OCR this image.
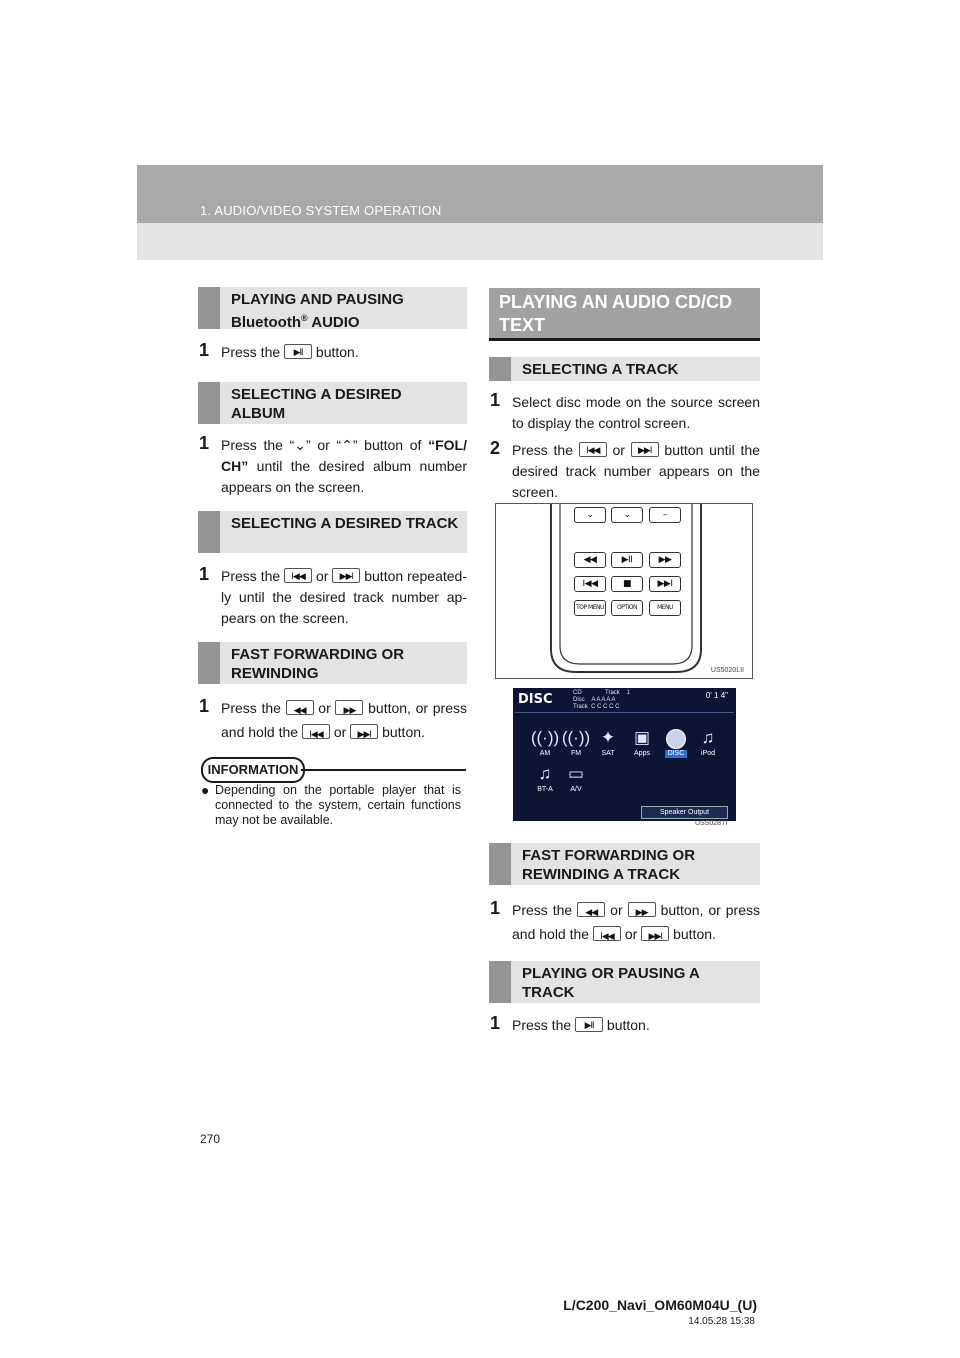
1. AUDIO/VIDEO SYSTEM OPERATION
PLAYING AND PAUSING
Bluetooth® AUDIO
1 Press the	▶II button.
SELECTING A DESIRED ALBUM
1 Press the “⌄” or “⌃” button of “FOL/ CH” until the desired album number appears on the screen.
SELECTING A DESIRED TRACK
1 Press the I◀◀ or ▶▶I button repeated-ly until the desired track number ap-pears on the screen.
FAST FORWARDING OR REWINDING
1 Press the ◀◀ or ▶▶ button, or press and hold the I◀◀ or ▶▶I button.
INFORMATION
● Depending on the portable player that is connected to the system, certain functions may not be available.
PLAYING AN AUDIO CD/CD TEXT
SELECTING A TRACK
1 Select disc mode on the source screen to display the control screen.
2 Press the I◀◀ or ▶▶I button until the desired track number appears on the screen.
⌄	⌄	–
◀◀	▶II	▶▶
I◀◀	■	▶▶I
TOP MENU	OPTION	MENU
US5020LII
DISC	CD	Track 1
Disc A A A A A
Track C C C C C
0' 1 4"
((·))
AM
((·))
FM
✦
SAT
▣
Apps	DISC
♫
iPod
♫
BT-A
▭
A/V
Speaker Output
USS028TI
FAST FORWARDING OR REWINDING A TRACK
1 Press the ◀◀ or ▶▶ button, or press and hold the I◀◀ or ▶▶I button.
PLAYING OR PAUSING A TRACK
1 Press the	▶II button.
270
L/C200_Navi_OM60M04U_(U)
14.05.28 15:38
